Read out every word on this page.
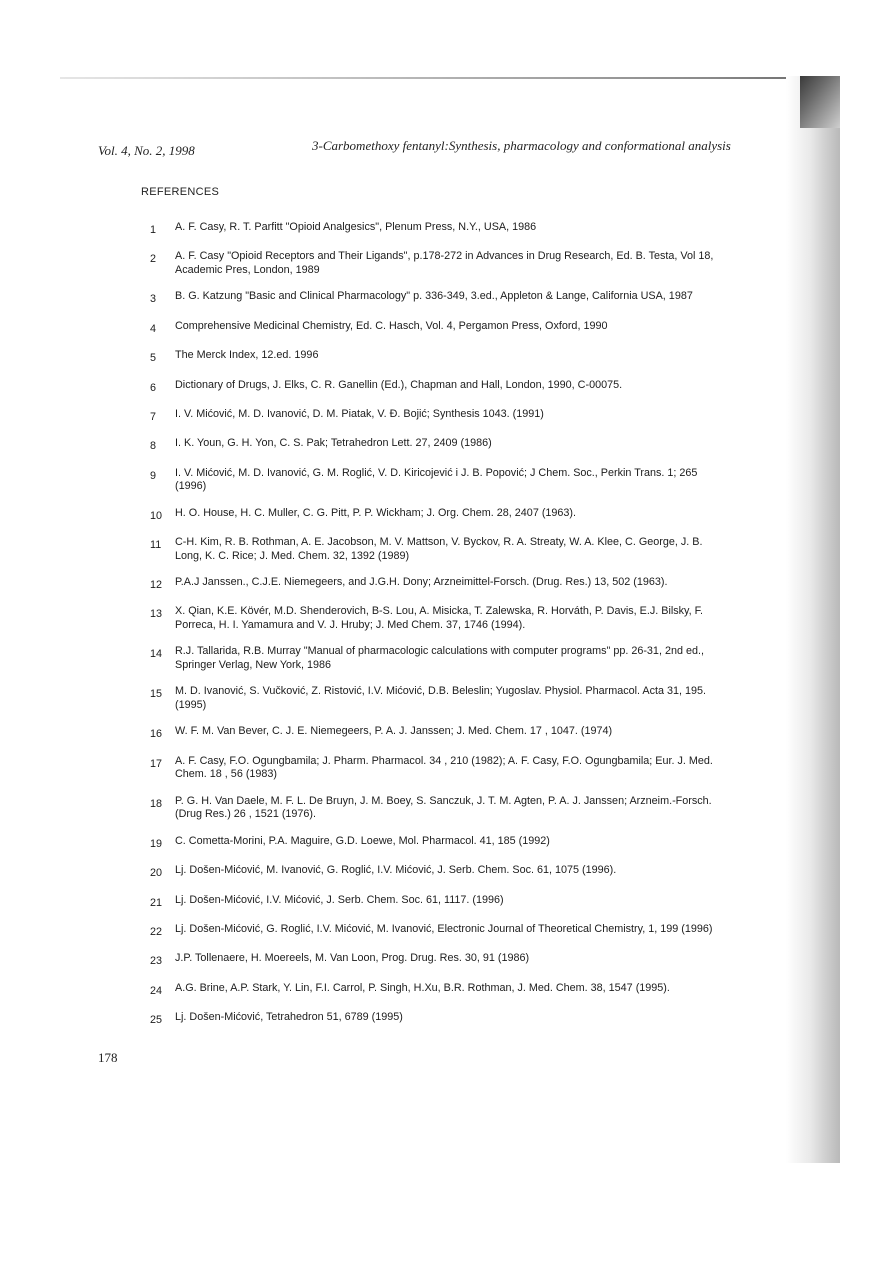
Vol. 4, No. 2, 1998	3-Carbomethoxy fentanyl:Synthesis, pharmacology and conformational analysis
REFERENCES
1	A. F. Casy, R. T. Parfitt "Opioid Analgesics", Plenum Press, N.Y., USA, 1986
2	A. F. Casy "Opioid Receptors and Their Ligands", p.178-272 in Advances in Drug Research, Ed. B. Testa, Vol 18, Academic Pres, London, 1989
3	B. G. Katzung "Basic and Clinical Pharmacology" p. 336-349, 3.ed., Appleton & Lange, California USA, 1987
4	Comprehensive Medicinal Chemistry, Ed. C. Hasch, Vol. 4, Pergamon Press, Oxford, 1990
5	The Merck Index, 12.ed. 1996
6	Dictionary of Drugs, J. Elks, C. R. Ganellin (Ed.), Chapman and Hall, London, 1990, C-00075.
7	I. V. Mićović, M. D. Ivanović, D. M. Piatak, V. Đ. Bojić; Synthesis 1043. (1991)
8	I. K. Youn, G. H. Yon, C. S. Pak; Tetrahedron Lett. 27, 2409 (1986)
9	I. V. Mićović, M. D. Ivanović, G. M. Roglić, V. D. Kiricojević i J. B. Popović; J Chem. Soc., Perkin Trans. 1; 265 (1996)
10	H. O. House, H. C. Muller, C. G. Pitt, P. P. Wickham; J. Org. Chem. 28, 2407 (1963).
11	C-H. Kim, R. B. Rothman, A. E. Jacobson, M. V. Mattson, V. Byckov, R. A. Streaty, W. A. Klee, C. George, J. B. Long, K. C. Rice; J. Med. Chem. 32, 1392 (1989)
12	P.A.J Janssen., C.J.E. Niemegeers, and J.G.H. Dony; Arzneimittel-Forsch. (Drug. Res.) 13, 502 (1963).
13	X. Qian, K.E. Kövér, M.D. Shenderovich, B-S. Lou, A. Misicka, T. Zalewska, R. Horváth, P. Davis, E.J. Bilsky, F. Porreca, H. I. Yamamura and V. J. Hruby; J. Med Chem. 37, 1746 (1994).
14	R.J. Tallarida, R.B. Murray "Manual of pharmacologic calculations with computer programs" pp. 26-31, 2nd ed., Springer Verlag, New York, 1986
15	M. D. Ivanović, S. Vučković, Z. Ristović, I.V. Mićović, D.B. Beleslin; Yugoslav. Physiol. Pharmacol. Acta 31, 195. (1995)
16	W. F. M. Van Bever, C. J. E. Niemegeers, P. A. J. Janssen; J. Med. Chem. 17 , 1047. (1974)
17	A. F. Casy, F.O. Ogungbamila; J. Pharm. Pharmacol. 34 , 210 (1982); A. F. Casy, F.O. Ogungbamila; Eur. J. Med. Chem. 18 , 56 (1983)
18	P. G. H. Van Daele, M. F. L. De Bruyn, J. M. Boey, S. Sanczuk, J. T. M. Agten, P. A. J. Janssen; Arzneim.-Forsch. (Drug Res.) 26 , 1521 (1976).
19	C. Cometta-Morini, P.A. Maguire, G.D. Loewe, Mol. Pharmacol. 41, 185 (1992)
20	Lj. Došen-Mićović, M. Ivanović, G. Roglić, I.V. Mićović, J. Serb. Chem. Soc. 61, 1075 (1996).
21	Lj. Došen-Mićović, I.V. Mićović, J. Serb. Chem. Soc. 61, 1117. (1996)
22	Lj. Došen-Mićović, G. Roglić, I.V. Mićović, M. Ivanović, Electronic Journal of Theoretical Chemistry, 1, 199 (1996)
23	J.P. Tollenaere, H. Moereels, M. Van Loon, Prog. Drug. Res. 30, 91 (1986)
24	A.G. Brine, A.P. Stark, Y. Lin, F.I. Carrol, P. Singh, H.Xu, B.R. Rothman, J. Med. Chem. 38, 1547 (1995).
25	Lj. Došen-Mićović, Tetrahedron 51, 6789 (1995)
178
